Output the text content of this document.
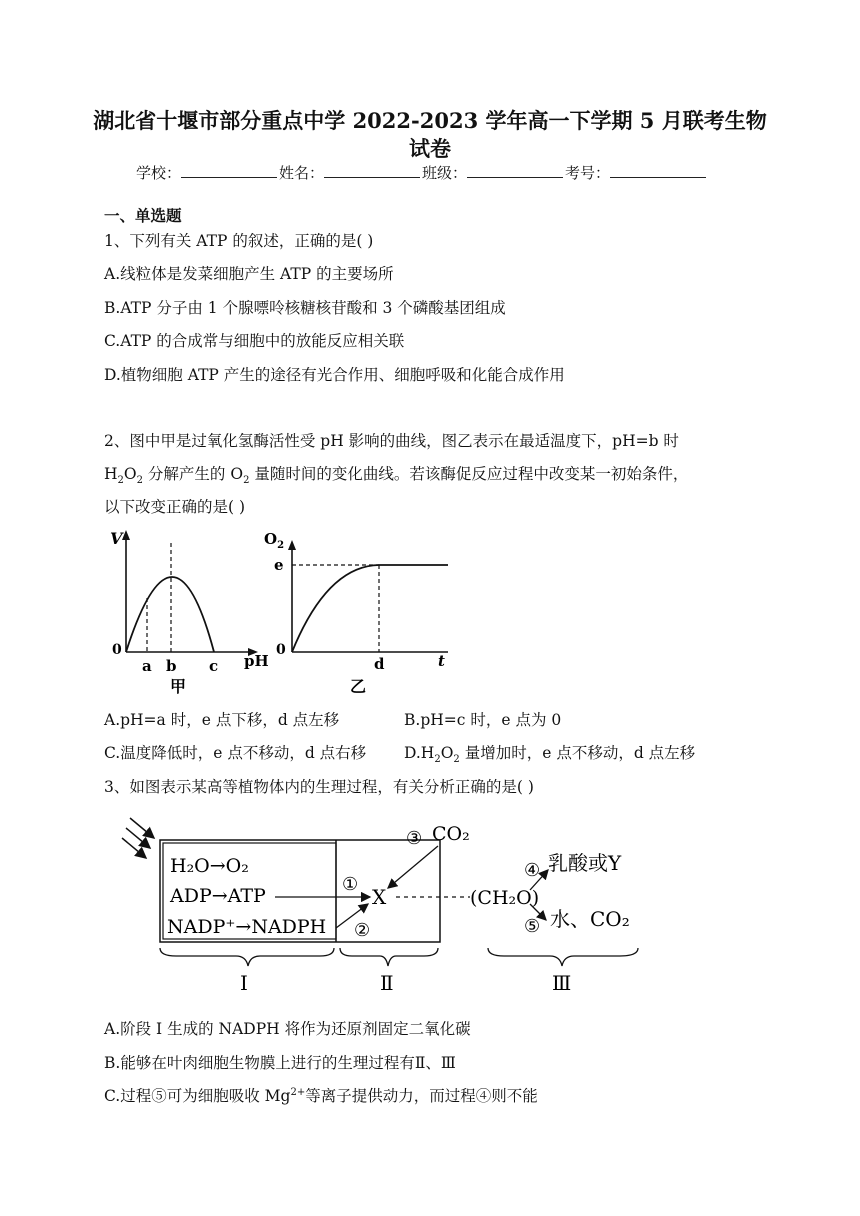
湖北省十堰市部分重点中学 2022-2023 学年高一下学期 5 月联考生物
试卷
学校：	姓名：	班级：	考号：
一、单选题
1、下列有关 ATP 的叙述，正确的是( )
A.线粒体是发菜细胞产生 ATP 的主要场所
B.ATP 分子由 1 个腺嘌呤核糖核苷酸和 3 个磷酸基团组成
C.ATP 的合成常与细胞中的放能反应相关联
D.植物细胞 ATP 产生的途径有光合作用、细胞呼吸和化能合成作用
2、图中甲是过氧化氢酶活性受 pH 影响的曲线，图乙表示在最适温度下，pH=b 时
$H_2O_2$ 分解产生的 $O_2$ 量随时间的变化曲线。若该酶促反应过程中改变某一初始条件，
以下改变正确的是( )
V
0
a b c pH
甲
$O_2$
e
0
d	t
乙
A.pH=a 时，e 点下移，d 点左移	B.pH=c 时，e 点为 0
C.温度降低时，e 点不移动，d 点右移 $D.H_2O_2$ 量增加时，e 点不移动，d 点左移
3、如图表示某高等植物体内的生理过程，有关分析正确的是( )
H₂O→O₂
ADP→ATP
NADP⁺→NADPH
①
②
③ CO₂
X	(CH₂O)
④ 乳酸或Y
⑤ 水、CO₂
Ⅰ	Ⅱ	Ⅲ
A.阶段 I 生成的 NADPH 将作为还原剂固定二氧化碳
B.能够在叶肉细胞生物膜上进行的生理过程有Ⅱ、Ⅲ
C.过程⑤可为细胞吸收 $Mg^{2+}$等离子提供动力，而过程④则不能
